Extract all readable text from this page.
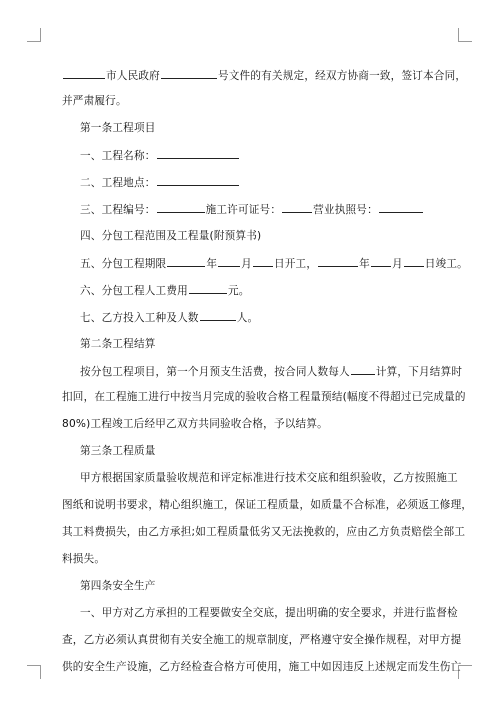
市人民政府	号文件的有关规定，经双方协商一致，签订本合同，
并严肃履行。
第一条工程项目
一、工程名称：
二、工程地点：
三、工程编号：	施工许可证号：	营业执照号：
四、分包工程范围及工程量(附预算书)
五、分包工程期限	年 月 日开工，	年 月 日竣工。
六、分包工程人工费用	元。
七、乙方投入工种及人数	人。
第二条工程结算
按分包工程项目，第一个月预支生活费，按合同人数每人 计算，下月结算时
扣回，在工程施工进行中按当月完成的验收合格工程量预结(幅度不得超过已完成量的
80%)工程竣工后经甲乙双方共同验收合格，予以结算。
第三条工程质量
甲方根据国家质量验收规范和评定标准进行技术交底和组织验收，乙方按照施工
图纸和说明书要求，精心组织施工，保证工程质量，如质量不合标准，必须返工修理，
其工料费损失，由乙方承担;如工程质量低劣又无法挽救的，应由乙方负责赔偿全部工
料损失。
第四条安全生产
一、甲方对乙方承担的工程要做安全交底，提出明确的安全要求，并进行监督检
查，乙方必须认真贯彻有关安全施工的规章制度，严格遵守安全操作规程，对甲方提
供的安全生产设施，乙方经检查合格方可使用，施工中如因违反上述规定而发生伤亡
